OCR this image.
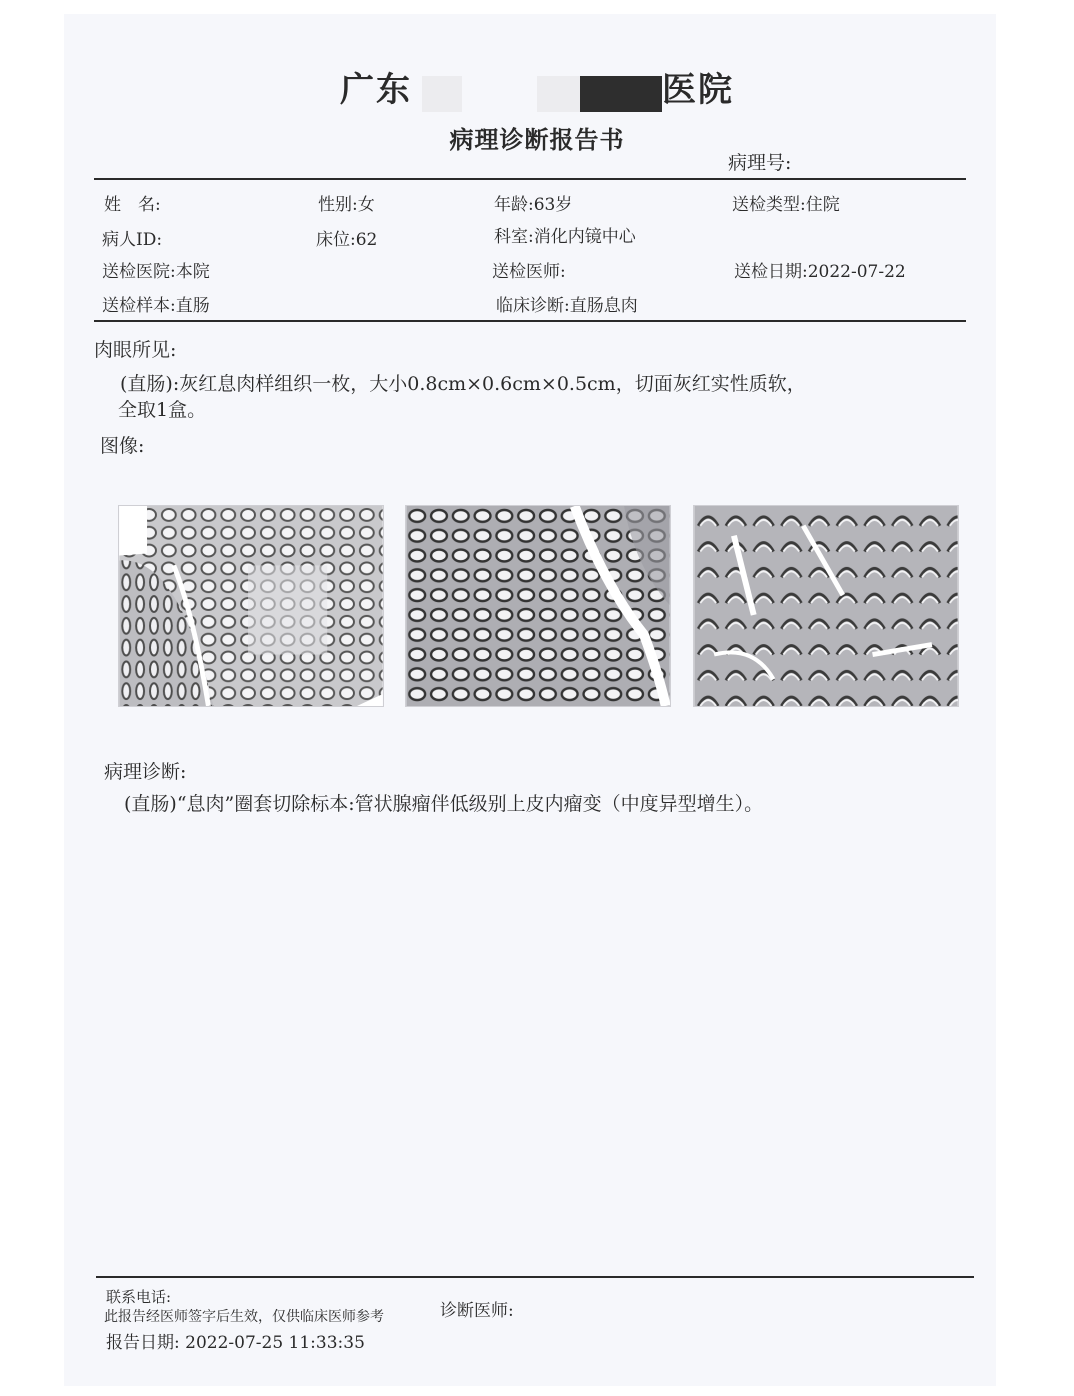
广东	医院
病理诊断报告书
病理号:
姓　名:	性别:女	年龄:63岁	送检类型:住院
病人ID:	床位:62	科室:消化内镜中心
送检医院:本院	送检医师:	送检日期:2022-07-22
送检样本:直肠	临床诊断:直肠息肉
肉眼所见:
(直肠):灰红息肉样组织一枚，大小0.8cm×0.6cm×0.5cm，切面灰红实性质软，
全取1盒。
图像:
病理诊断:
(直肠)“息肉”圈套切除标本:管状腺瘤伴低级别上皮内瘤变（中度异型增生）。
联系电话:
此报告经医师签字后生效，仅供临床医师参考	诊断医师:
报告日期: 2022-07-25 11:33:35
